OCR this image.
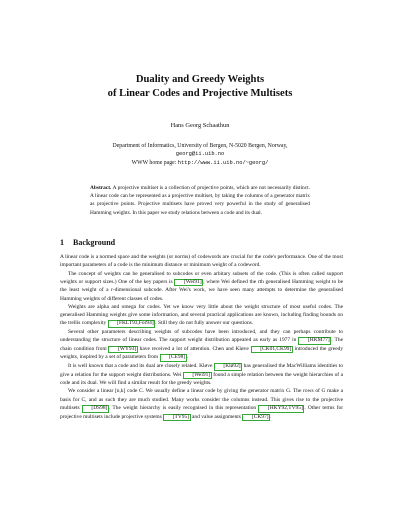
Duality and Greedy Weights
of Linear Codes and Projective Multisets
Hans Georg Schaathun
Department of Informatics, University of Bergen, N-5020 Bergen, Norway,
georg@ii.uib.no
WWW home page: http://www.ii.uib.no/~georg/

Abstract. A projective multiset is a collection of projective points, which are not necessarily distinct. A linear code can be represented as a projective multiset, by taking the columns of a generator matrix as projective points. Projective multisets have proved very powerful in the study of generalised Hamming weights. In this paper we study relations between a code and its dual.

1 Background

A linear code is a normed space and the weights (or norms) of codewords are crucial for the code's performance. One of the most important parameters of a code is the minimum distance or minimum weight of a codeword.

The concept of weights can be generalised to subcodes or even arbitary subsets of the code. (This is often called support weights or support sizes.) One of the key papers is [Wei91] , where Wei defined the rth generalised Hamming weight to be the least weight of a r-dimensional subcode. After Wei's work, we have seen many attempts to determine the generalised Hamming weights of different classes of codes.

Weights are alpha and omega for codes. Yet we know very little about the weight structure of most useful codes. The generalised Hamming weights give some information, and several practical applications are known, including finding bounds on the trellis complexity [FKLT93,For94] . Still they do not fully answer our questions.

Several other parameters describing weights of subcodes have been introduced, and they can perhaps contribute to understanding the structure of linear codes. The support weight distribution appeared as early as 1977 in [HKM77] . The chain condition from [WY93] have received a lot of attention. Chen and Kløve [CK01,CK99] introduced the greedy weights, inspired by a set of parameters from [CE98] .

It is well known that a code and its dual are closely related. Kløve [Klø92] has generalised the MacWilliams identities to give a relation for the support weight distributions. Wei [Wei91] found a simple relation between the weight hierarchies of a code and its dual. We will find a similar result for the greedy weights.

We consider a linear [n,k] code C. We usually define a linear code by giving the generator matrix G. The rows of G make a basis for C, and as such they are much studied. Many works consider the columns instead. This gives rise to the projective multisets [DS98] . The weight hierarchy is easily recognised in this representation [HKY92,TV95] . Other terms for projective multisets include projective systems [TV95] and value assignments [CK97] .
